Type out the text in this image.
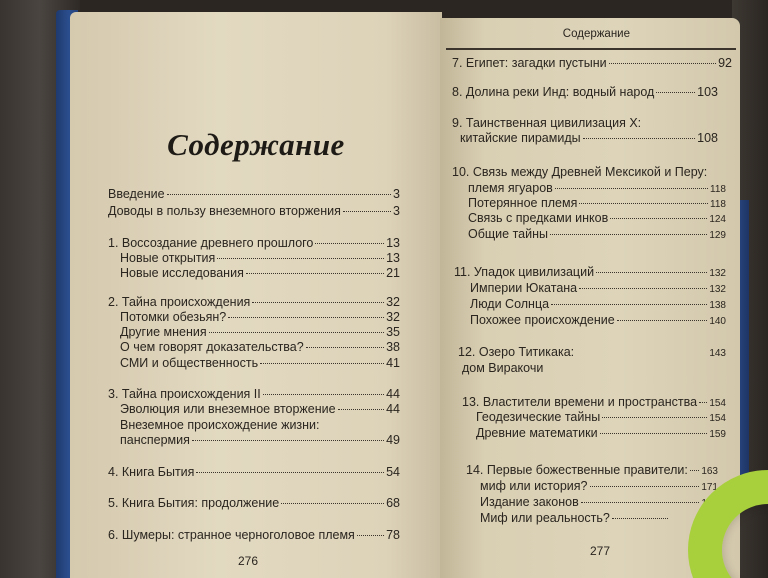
Содержание
Введение	3
Доводы в пользу внеземного вторжения	3
1. Воссоздание древнего прошлого	13
Новые открытия	13
Новые исследования	21
2. Тайна происхождения	32
Потомки обезьян?	32
Другие мнения	35
О чем говорят доказательства?	38
СМИ и общественность	41
3. Тайна происхождения II	44
Эволюция или внеземное вторжение	44
Внеземное происхождение жизни:
панспермия	49
4. Книга Бытия	54
5. Книга Бытия: продолжение	68
6. Шумеры: странное черноголовое племя	78
276
Содержание
7. Египет: загадки пустыни	92
8. Долина реки Инд: водный народ	103
9. Таинственная цивилизация X:
китайские пирамиды	108
10. Связь между Древней Мексикой и Перу:
племя ягуаров	118
Потерянное племя	118
Связь с предками инков	124
Общие тайны	129
11. Упадок цивилизаций	132
Империи Юкатана	132
Люди Солнца	138
Похожее происхождение	140
12. Озеро Титикака:	143
дом Виракочи
13. Властители времени и пространства 154
Геодезические тайны	154
Древние математики	159
14. Первые божественные правители: 163
миф или история?	171
Издание законов	174
Миф или реальность?
277
